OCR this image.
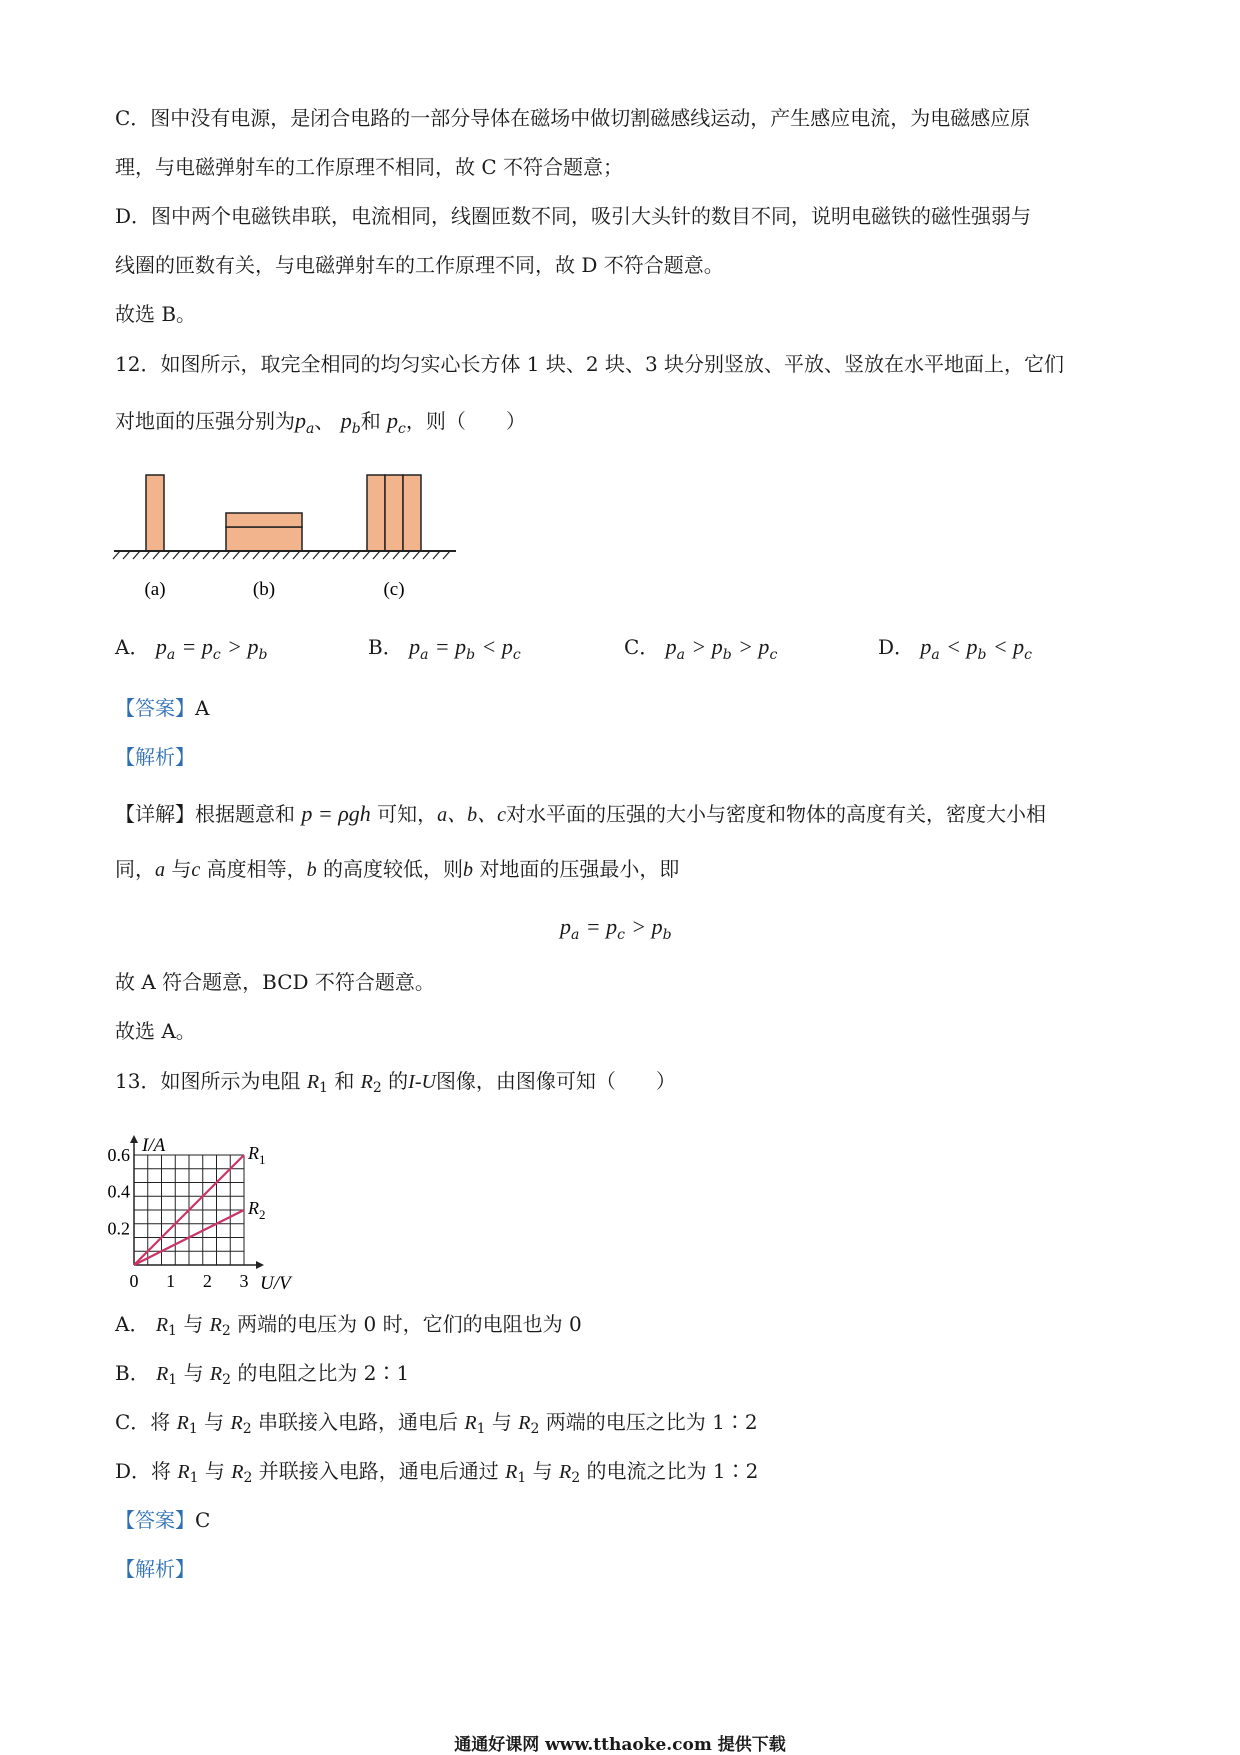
C．图中没有电源，是闭合电路的一部分导体在磁场中做切割磁感线运动，产生感应电流，为电磁感应原
理，与电磁弹射车的工作原理不相同，故 C 不符合题意；
D．图中两个电磁铁串联，电流相同，线圈匝数不同，吸引大头针的数目不同，说明电磁铁的磁性强弱与
线圈的匝数有关，与电磁弹射车的工作原理不同，故 D 不符合题意。
故选 B。
12．如图所示，取完全相同的均匀实心长方体 1 块、2 块、3 块分别竖放、平放、竖放在水平地面上，它们
对地面的压强分别为$p_a$、 $p_b$和 $p_c$，则（　　）
(a)	(b)	(c)
A． $p_a = p_c > p_b$	B． $p_a = p_b < p_c$	C． $p_a > p_b > p_c$	D． $p_a < p_b < p_c$
【答案】A
【解析】
【详解】根据题意和 p = ρgh 可知，a、b、c对水平面的压强的大小与密度和物体的高度有关，密度大小相
同，a 与c 高度相等，b 的高度较低，则b 对地面的压强最小，即
$p_a = p_c > p_b$
故 A 符合题意，BCD 不符合题意。
故选 A。
13．如图所示为电阻 $R_1$ 和 $R_2$ 的I-U图像，由图像可知（　　）
I/A
U/V
0 1 2 3
0.2
0.4
0.6	$R_1$
$R_2$
A． $R_1$ 与 $R_2$ 两端的电压为 0 时，它们的电阻也为 0
B． $R_1$ 与 $R_2$ 的电阻之比为 2∶1
C．将 $R_1$ 与 $R_2$ 串联接入电路，通电后 $R_1$ 与 $R_2$ 两端的电压之比为 1∶2
D．将 $R_1$ 与 $R_2$ 并联接入电路，通电后通过 $R_1$ 与 $R_2$ 的电流之比为 1∶2
【答案】C
【解析】
通通好课网 www.tthaoke.com 提供下载
